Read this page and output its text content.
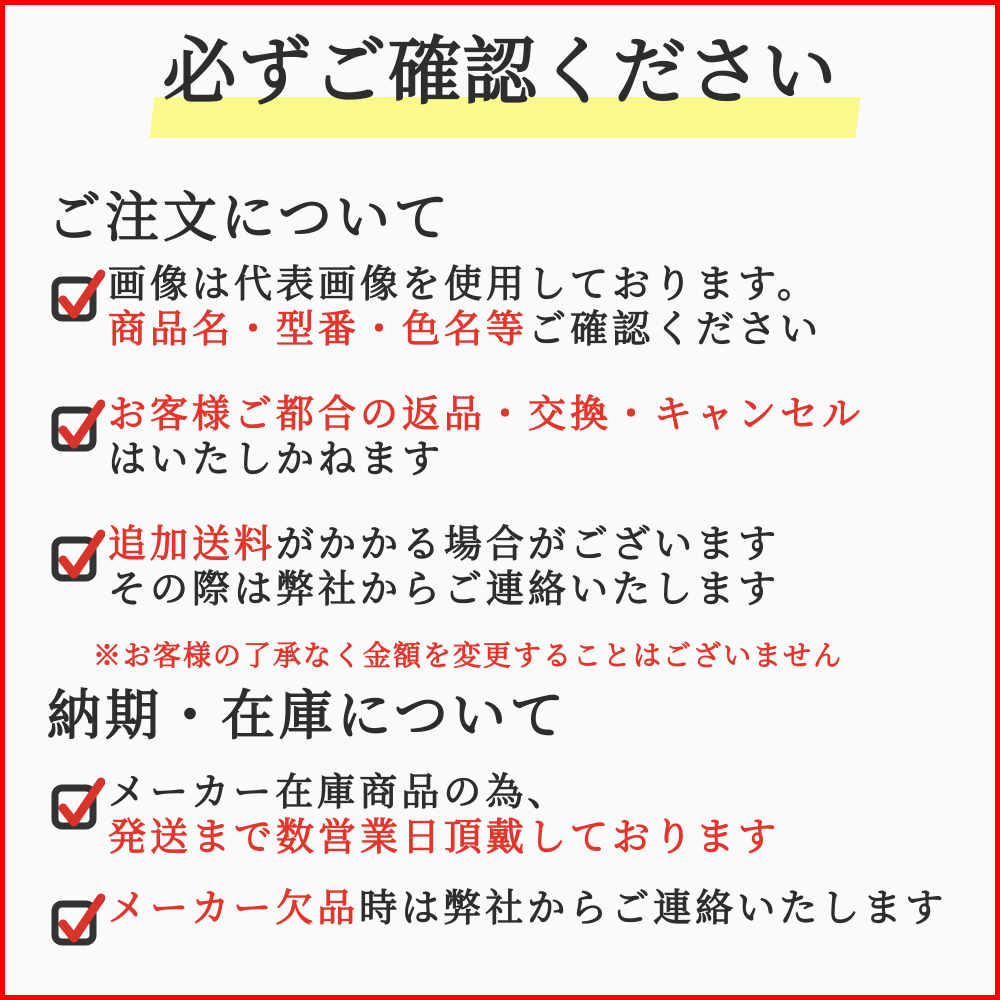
必ずご確認ください
ご注文について
画像は代表画像を使用しております。
商品名・型番・色名等ご確認ください
お客様ご都合の返品・交換・キャンセル
はいたしかねます
追加送料がかかる場合がございます
その際は弊社からご連絡いたします

※お客様の了承なく金額を変更することはございません

納期・在庫について
メーカー在庫商品の為、
発送まで数営業日頂戴しております
メーカー欠品時は弊社からご連絡いたします
